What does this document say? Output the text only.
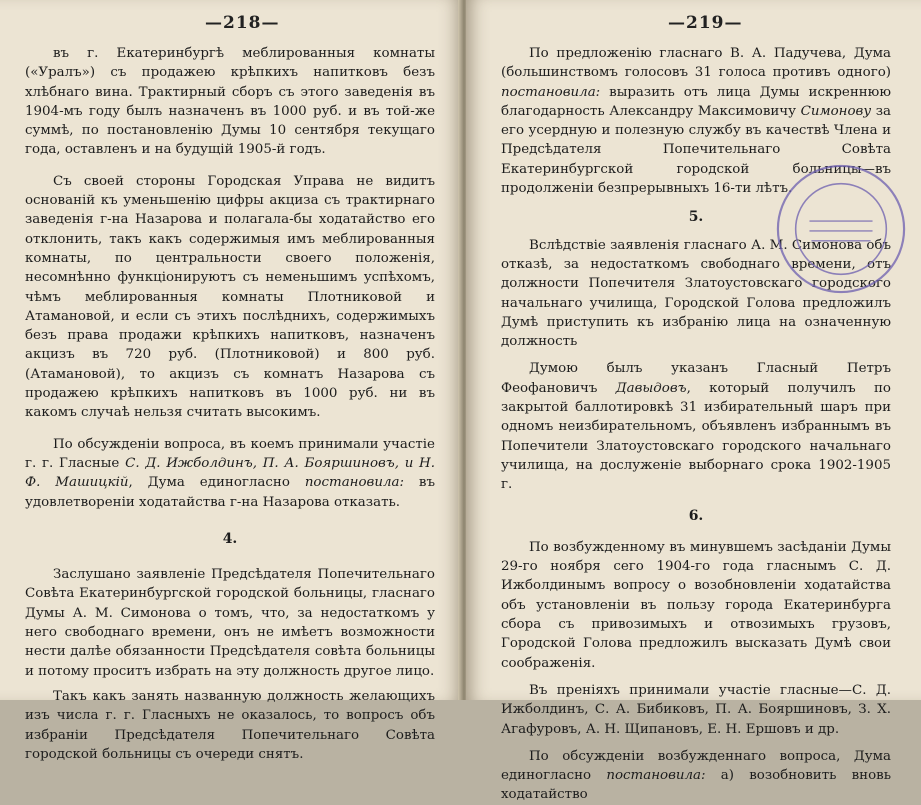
—218—

въ г. Екатеринбургѣ меблированныя комнаты («Уралъ») съ продажею крѣпкихъ напитковъ безъ хлѣбнаго вина. Трактирный сборъ съ этого заведенія въ 1904-мъ году былъ назначенъ въ 1000 руб. и въ той-же суммѣ, по постановленію Думы 10 сентября текущаго года, оставленъ и на будущій 1905-й годъ.

Съ своей стороны Городская Управа не видитъ основаній къ уменьшенію цифры акциза съ трактирнаго заведенія г-на Назарова и полагала-бы ходатайство его отклонить, такъ какъ содержимыя имъ меблированныя комнаты, по центральности своего положенія, несомнѣнно функціонируютъ съ неменьшимъ успѣхомъ, чѣмъ меблированныя комнаты Плотниковой и Атамановой, и если съ этихъ послѣднихъ, содержимыхъ безъ права продажи крѣпкихъ напитковъ, назначенъ акцизъ въ 720 руб. (Плотниковой) и 800 руб. (Атамановой), то акцизъ съ комнатъ Назарова съ продажею крѣпкихъ напитковъ въ 1000 руб. ни въ какомъ случаѣ нельзя считать высокимъ.

По обсужденіи вопроса, въ коемъ принимали участіе г. г. Гласные С. Д. Ижболдинъ, П. А. Бояршиновъ, и Н. Ф. Машицкій, Дума единогласно постановила: въ удовлетвореніи ходатайства г-на Назарова отказать.

4.

Заслушано заявленіе Предсѣдателя Попечительнаго Совѣта Екатеринбургской городской больницы, гласнаго Думы А. М. Симонова о томъ, что, за недостаткомъ у него свободнаго времени, онъ не имѣетъ возможности нести далѣе обязанности Предсѣдателя совѣта больницы и потому проситъ избрать на эту должность другое лицо.

Такъ какъ занять названную должность желающихъ изъ числа г. г. Гласныхъ не оказалось, то вопросъ объ избраніи Предсѣдателя Попечительнаго Совѣта городской больницы съ очереди снятъ.

—219—

По предложенію гласнаго В. А. Падучева, Дума (большинствомъ голосовъ 31 голоса противъ одного) постановила: выразить отъ лица Думы искреннюю благодарность Александру Максимовичу Симонову за его усердную и полезную службу въ качествѣ Члена и Предсѣдателя Попечительнаго Совѣта Екатеринбургской городской больницы—въ продолженіи безпрерывныхъ 16-ти лѣтъ.

5.

Вслѣдствіе заявленія гласнаго А. М. Симонова объ отказѣ, за недостаткомъ свободнаго времени, отъ должности Попечителя Златоустовскаго городского начальнаго училища, Городской Голова предложилъ Думѣ приступить къ избранію лица на означенную должность

Думою былъ указанъ Гласный Петръ Феофановичъ Давыдовъ, который получилъ по закрытой баллотировкѣ 31 избирательный шаръ при одномъ неизбирательномъ, объявленъ избраннымъ въ Попечители Златоустовскаго городского начальнаго училища, на дослуженіе выборнаго срока 1902-1905 г.

6.

По возбужденному въ минувшемъ засѣданіи Думы 29-го ноября сего 1904-го года гласнымъ С. Д. Ижболдинымъ вопросу о возобновленіи ходатайства объ установленіи въ пользу города Екатеринбурга сбора съ привозимыхъ и отвозимыхъ грузовъ, Городской Голова предложилъ высказать Думѣ свои соображенія.

Въ преніяхъ принимали участіе гласные—С. Д. Ижболдинъ, С. А. Бибиковъ, П. А. Бояршиновъ, З. Х. Агафуровъ, А. Н. Щипановъ, Е. Н. Ершовъ и др.

По обсужденіи возбужденнаго вопроса, Дума единогласно постановила: а) возобновить вновь ходатайство
